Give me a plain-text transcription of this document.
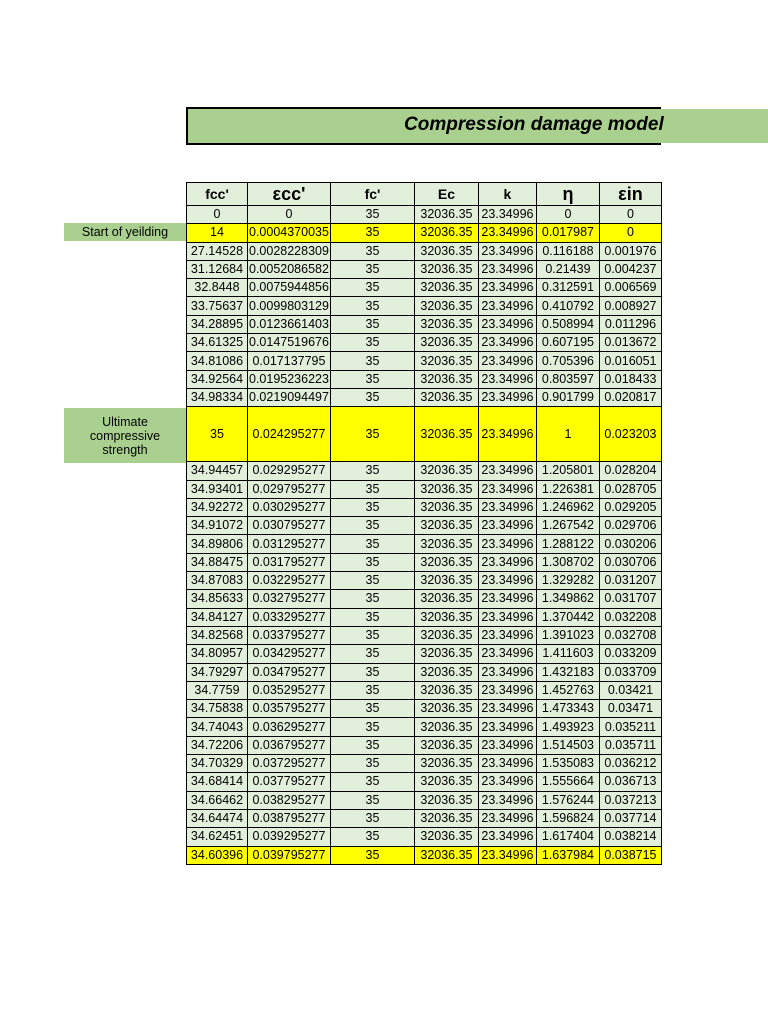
Compression damage model
Start of yeilding
Ultimate
compressive
strength
fcc'	εcc'	fc'	Ec	k	η	εin
0	0	35	32036.35	23.34996	0	0
14	0.0004370035	35	32036.35	23.34996	0.017987	0
27.14528	0.0028228309	35	32036.35	23.34996	0.116188	0.001976
31.12684	0.0052086582	35	32036.35	23.34996	0.21439	0.004237
32.8448	0.0075944856	35	32036.35	23.34996	0.312591	0.006569
33.75637	0.0099803129	35	32036.35	23.34996	0.410792	0.008927
34.28895	0.0123661403	35	32036.35	23.34996	0.508994	0.011296
34.61325	0.0147519676	35	32036.35	23.34996	0.607195	0.013672
34.81086	0.017137795	35	32036.35	23.34996	0.705396	0.016051
34.92564	0.0195236223	35	32036.35	23.34996	0.803597	0.018433
34.98334	0.0219094497	35	32036.35	23.34996	0.901799	0.020817
35	0.024295277	35	32036.35	23.34996	1	0.023203
34.94457	0.029295277	35	32036.35	23.34996	1.205801	0.028204
34.93401	0.029795277	35	32036.35	23.34996	1.226381	0.028705
34.92272	0.030295277	35	32036.35	23.34996	1.246962	0.029205
34.91072	0.030795277	35	32036.35	23.34996	1.267542	0.029706
34.89806	0.031295277	35	32036.35	23.34996	1.288122	0.030206
34.88475	0.031795277	35	32036.35	23.34996	1.308702	0.030706
34.87083	0.032295277	35	32036.35	23.34996	1.329282	0.031207
34.85633	0.032795277	35	32036.35	23.34996	1.349862	0.031707
34.84127	0.033295277	35	32036.35	23.34996	1.370442	0.032208
34.82568	0.033795277	35	32036.35	23.34996	1.391023	0.032708
34.80957	0.034295277	35	32036.35	23.34996	1.411603	0.033209
34.79297	0.034795277	35	32036.35	23.34996	1.432183	0.033709
34.7759	0.035295277	35	32036.35	23.34996	1.452763	0.03421
34.75838	0.035795277	35	32036.35	23.34996	1.473343	0.03471
34.74043	0.036295277	35	32036.35	23.34996	1.493923	0.035211
34.72206	0.036795277	35	32036.35	23.34996	1.514503	0.035711
34.70329	0.037295277	35	32036.35	23.34996	1.535083	0.036212
34.68414	0.037795277	35	32036.35	23.34996	1.555664	0.036713
34.66462	0.038295277	35	32036.35	23.34996	1.576244	0.037213
34.64474	0.038795277	35	32036.35	23.34996	1.596824	0.037714
34.62451	0.039295277	35	32036.35	23.34996	1.617404	0.038214
34.60396	0.039795277	35	32036.35	23.34996	1.637984	0.038715
